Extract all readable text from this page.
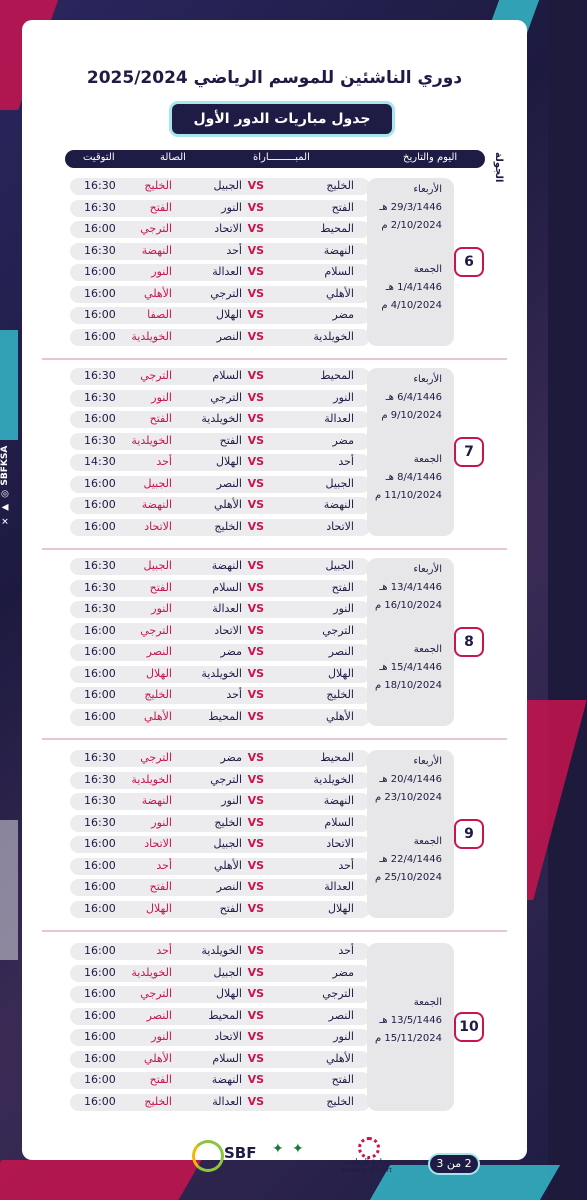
✕ ▶ ◎ SBFKSA
دوري الناشئين للموسم الرياضي 2025/2024
جدول مباريات الدور الأول
التوقيت	الصالة	المبـــــــــاراة	اليوم والتاريخ	الجولة
16:30	الخليج	الجبيل VS	الخليج
16:30	الفتح	النور VS	الفتح
16:00 الترجي	الاتحاد VS	المحيط
16:30 النهضة	أحد VS	النهضة
16:00	النور	العدالة VS	السلام
16:00	الأهلي	الترجي VS	الأهلي
16:00	الصفا	الهلال VS	مضر
16:00 الخويلدية	النصر VS	الخويلدية
الأربعاء
29/3/1446 هـ
2/10/2024 م
الجمعة
1/4/1446 هـ
4/10/2024 م
6
16:30 الترجي	السلام VS	المحيط
16:30	النور	الترجي VS	النور
16:00	الفتح	الخويلدية VS	العدالة
16:30 الخويلدية	الفتح VS	مضر
14:30	أحد	الهلال VS	أحد
16:00	الجبيل	النصر VS	الجبيل
16:00 النهضة	الأهلي VS	النهضة
16:00	الاتحاد	الخليج VS	الاتحاد
الأربعاء
6/4/1446 هـ
9/10/2024 م
الجمعة
8/4/1446 هـ
11/10/2024 م
7
16:30	الجبيل	النهضة VS	الجبيل
16:30	الفتح	السلام VS	الفتح
16:30	النور	العدالة VS	النور
16:00 الترجي	الاتحاد VS	الترجي
16:00	النصر	مضر VS	النصر
16:00	الهلال	الخويلدية VS	الهلال
16:00	الخليج	أحد VS	الخليج
16:00	الأهلي	المحيط VS	الأهلي
الأربعاء
13/4/1446 هـ
16/10/2024 م
الجمعة
15/4/1446 هـ
18/10/2024 م
8
16:30 الترجي	مضر VS	المحيط
16:30 الخويلدية	الترجي VS	الخويلدية
16:30 النهضة	النور VS	النهضة
16:30	النور	الخليج VS	السلام
16:00	الاتحاد	الجبيل VS	الاتحاد
16:00	أحد	الأهلي VS	أحد
16:00	الفتح	النصر VS	العدالة
16:00	الهلال	الفتح VS	الهلال
الأربعاء
20/4/1446 هـ
23/10/2024 م
الجمعة
22/4/1446 هـ
25/10/2024 م
9
16:00	أحد	الخويلدية VS	أحد
16:00 الخويلدية	الجبيل VS	مضر
16:00 الترجي	الهلال VS	الترجي
16:00	النصر	المحيط VS	النصر
16:00	النور	الاتحاد VS	النور
16:00	الأهلي	السلام VS	الأهلي
16:00	الفتح	النهضة VS	الفتح
16:00	الخليج	العدالة VS	الخليج
الجمعة
13/5/1446 هـ
15/11/2024 م
10
SBF ✦ ✦
وزارة الرياضة
Ministry of Sport
2 من 3
